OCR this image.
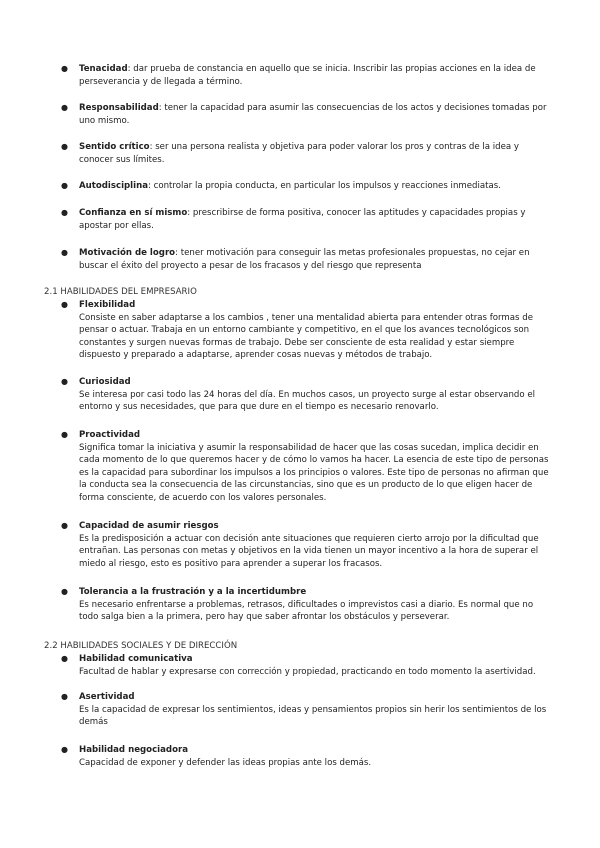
● Tenacidad: dar prueba de constancia en aquello que se inicia. Inscribir las propias acciones en la idea de perseverancia y de llegada a término.

● Responsabilidad: tener la capacidad para asumir las consecuencias de los actos y decisiones tomadas por uno mismo.

● Sentido crítico: ser una persona realista y objetiva para poder valorar los pros y contras de la idea y conocer sus límites.

● Autodisciplina: controlar la propia conducta, en particular los impulsos y reacciones inmediatas.

● Confianza en sí mismo: prescribirse de forma positiva, conocer las aptitudes y capacidades propias y apostar por ellas.

● Motivación de logro: tener motivación para conseguir las metas profesionales propuestas, no cejar en buscar el éxito del proyecto a pesar de los fracasos y del riesgo que representa

2.1 HABILIDADES DEL EMPRESARIO
● Flexibilidad

Consiste en saber adaptarse a los cambios , tener una mentalidad abierta para entender otras formas de pensar o actuar. Trabaja en un entorno cambiante y competitivo, en el que los avances tecnológicos son constantes y surgen nuevas formas de trabajo. Debe ser consciente de esta realidad y estar siempre dispuesto y preparado a adaptarse, aprender cosas nuevas y métodos de trabajo.

● Curiosidad

Se interesa por casi todo las 24 horas del día. En muchos casos, un proyecto surge al estar observando el entorno y sus necesidades, que para que dure en el tiempo es necesario renovarlo.

● Proactividad

Significa tomar la iniciativa y asumir la responsabilidad de hacer que las cosas sucedan, implica decidir en cada momento de lo que queremos hacer y de cómo lo vamos ha hacer. La esencia de este tipo de personas es la capacidad para subordinar los impulsos a los principios o valores. Este tipo de personas no afirman que la conducta sea la consecuencia de las circunstancias, sino que es un producto de lo que eligen hacer de forma consciente, de acuerdo con los valores personales.

● Capacidad de asumir riesgos

Es la predisposición a actuar con decisión ante situaciones que requieren cierto arrojo por la dificultad que entrañan. Las personas con metas y objetivos en la vida tienen un mayor incentivo a la hora de superar el miedo al riesgo, esto es positivo para aprender a superar los fracasos.

● Tolerancia a la frustración y a la incertidumbre

Es necesario enfrentarse a problemas, retrasos, dificultades o imprevistos casi a diario. Es normal que no todo salga bien a la primera, pero hay que saber afrontar los obstáculos y perseverar.

2.2 HABILIDADES SOCIALES Y DE DIRECCIÓN
● Habilidad comunicativa

Facultad de hablar y expresarse con corrección y propiedad, practicando en todo momento la asertividad.

● Asertividad

Es la capacidad de expresar los sentimientos, ideas y pensamientos propios sin herir los sentimientos de los demás

● Habilidad negociadora

Capacidad de exponer y defender las ideas propias ante los demás.
